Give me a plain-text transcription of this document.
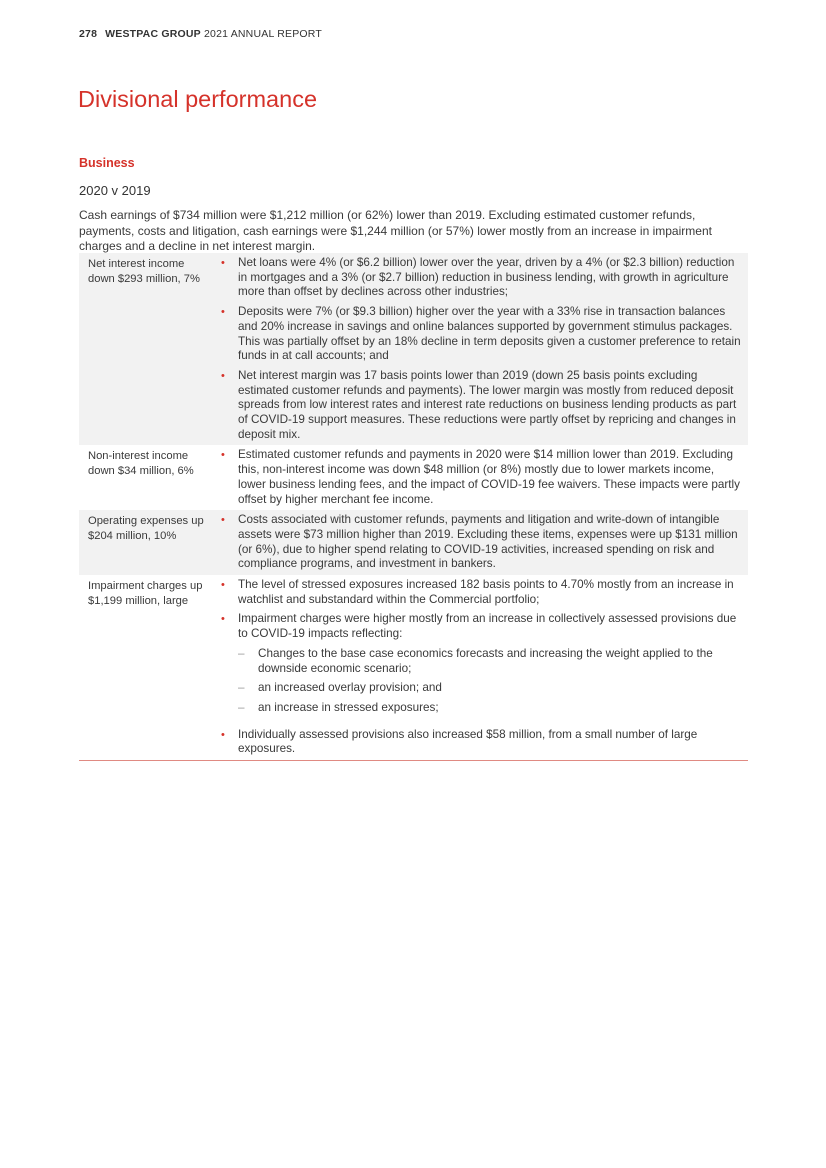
278 WESTPAC GROUP 2021 ANNUAL REPORT
Divisional performance
Business
2020 v 2019
Cash earnings of $734 million were $1,212 million (or 62%) lower than 2019. Excluding estimated customer refunds, payments, costs and litigation, cash earnings were $1,244 million (or 57%) lower mostly from an increase in impairment charges and a decline in net interest margin.
Net interest income down $293 million, 7%
• Net loans were 4% (or $6.2 billion) lower over the year, driven by a 4% (or $2.3 billion) reduction in mortgages and a 3% (or $2.7 billion) reduction in business lending, with growth in agriculture more than offset by declines across other industries;
• Deposits were 7% (or $9.3 billion) higher over the year with a 33% rise in transaction balances and 20% increase in savings and online balances supported by government stimulus packages. This was partially offset by an 18% decline in term deposits given a customer preference to retain funds in at call accounts; and
• Net interest margin was 17 basis points lower than 2019 (down 25 basis points excluding estimated customer refunds and payments). The lower margin was mostly from reduced deposit spreads from low interest rates and interest rate reductions on business lending products as part of COVID-19 support measures. These reductions were partly offset by repricing and changes in deposit mix.
Non-interest income down $34 million, 6%
• Estimated customer refunds and payments in 2020 were $14 million lower than 2019. Excluding this, non-interest income was down $48 million (or 8%) mostly due to lower markets income, lower business lending fees, and the impact of COVID-19 fee waivers. These impacts were partly offset by higher merchant fee income.
Operating expenses up $204 million, 10%
• Costs associated with customer refunds, payments and litigation and write-down of intangible assets were $73 million higher than 2019. Excluding these items, expenses were up $131 million (or 6%), due to higher spend relating to COVID-19 activities, increased spending on risk and compliance programs, and investment in bankers.
Impairment charges up $1,199 million, large
• The level of stressed exposures increased 182 basis points to 4.70% mostly from an increase in watchlist and substandard within the Commercial portfolio;
• Impairment charges were higher mostly from an increase in collectively assessed provisions due to COVID-19 impacts reflecting:
– Changes to the base case economics forecasts and increasing the weight applied to the downside economic scenario;
– an increased overlay provision; and
– an increase in stressed exposures;
• Individually assessed provisions also increased $58 million, from a small number of large exposures.
